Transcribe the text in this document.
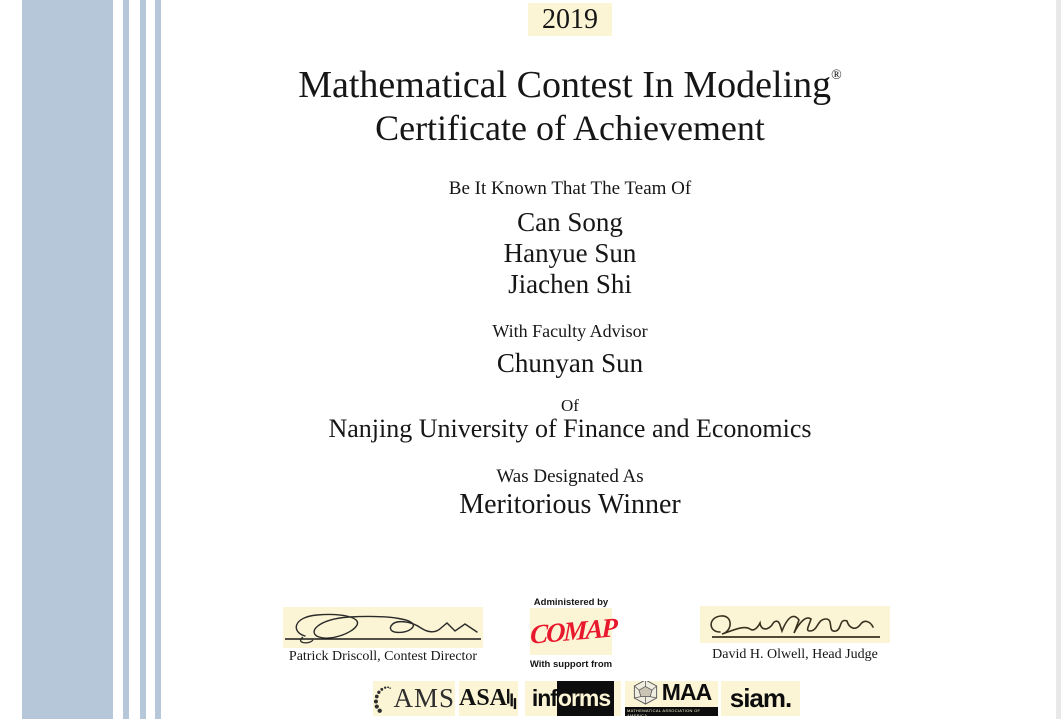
2019
Mathematical Contest In Modeling®
Certificate of Achievement
Be It Known That The Team Of
Can Song
Hanyue Sun
Jiachen Shi
With Faculty Advisor
Chunyan Sun
Of
Nanjing University of Finance and Economics
Was Designated As
Meritorious Winner
Patrick Driscoll, Contest Director
Administered by
COMAP
With support from
David H. Olwell, Head Judge
AMS ASA inf orms MAA
MATHEMATICAL ASSOCIATION OF AMERICA
siam.
